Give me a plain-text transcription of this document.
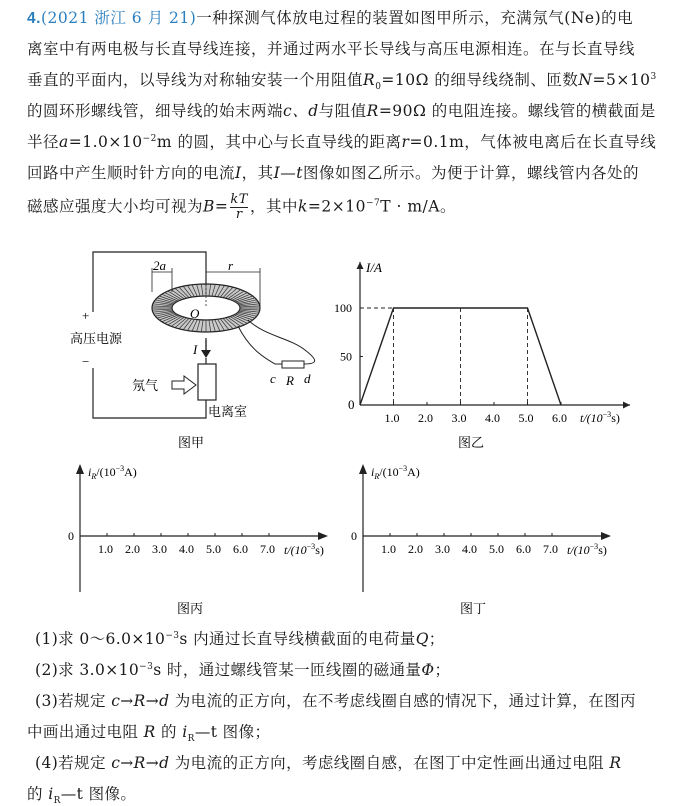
4.(2021 浙江 6 月 21)一种探测气体放电过程的装置如图甲所示，充满氖气(Ne)的电
离室中有两电极与长直导线连接，并通过两水平长导线与高压电源相连。在与长直导线
垂直的平面内，以导线为对称轴安装一个用阻值$R_0=10\Omega$ 的细导线绕制、匝数$N=5\times 10^3$
的圆环形螺线管，细导线的始末两端c、d与阻值R=90Ω 的电阻连接。螺线管的横截面是
半径$a=1.0\times 10^{-2}m$ 的圆，其中心与长直导线的距离r=0.1m，气体被电离后在长直导线
回路中产生顺时针方向的电流I，其I—t图像如图乙所示。为便于计算，螺线管内各处的
磁感应强度大小均可视为$B= \frac{kT}{r}$ ，其中$k=2\times 10^{-7}T \cdot m/A$。
2a	r
O
I
氖气
电离室
+
高压电源
−
c R d
图甲
I/A
0
$t/(10^{-3}s)$
1.0 2.0 3.0 4.0 5.0 6.0
100
50
图乙
$i_R/(10^{-3}A)$
0
1.0 2.0 3.0 4.0 5.0 6.0 7.0 $t/(10^{-3}s)$
图丙
$i_R/(10^{-3}A)$
0
1.0 2.0 3.0 4.0 5.0 6.0 7.0 $t/(10^{-3}s)$
图丁
(1)求 $0\sim 6.0\times 10^{-3}s$ 内通过长直导线横截面的电荷量Q；
(2)求 $3.0\times 10^{-3}s$ 时，通过螺线管某一匝线圈的磁通量Φ；
(3)若规定 c→R→d 为电流的正方向，在不考虑线圈自感的情况下，通过计算，在图丙
中画出通过电阻 R 的 $i_R—t$ 图像；
(4)若规定 c→R→d 为电流的正方向，考虑线圈自感，在图丁中定性画出通过电阻 R
的 $i_R—t$ 图像。
